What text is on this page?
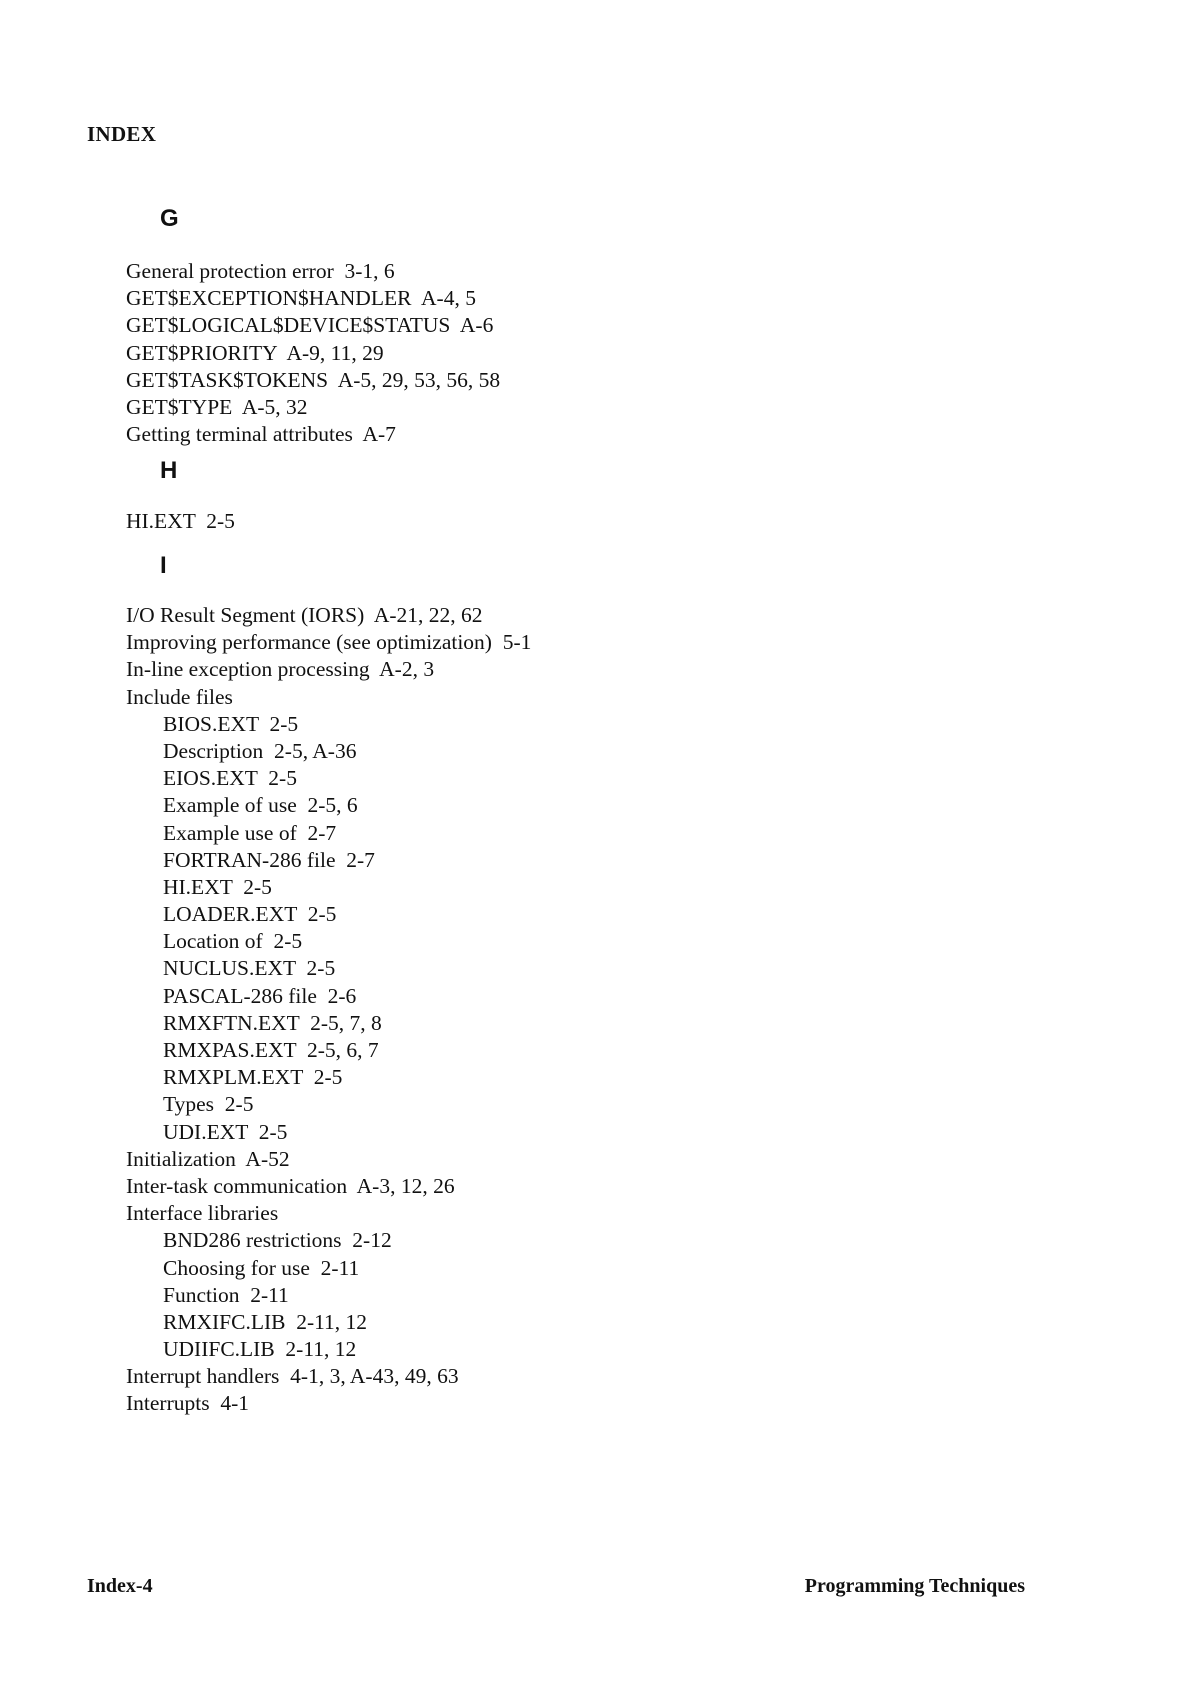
INDEX
G
General protection error  3-1, 6
GET$EXCEPTION$HANDLER  A-4, 5
GET$LOGICAL$DEVICE$STATUS  A-6
GET$PRIORITY  A-9, 11, 29
GET$TASK$TOKENS  A-5, 29, 53, 56, 58
GET$TYPE  A-5, 32
Getting terminal attributes  A-7
H
HI.EXT  2-5
I
I/O Result Segment (IORS)  A-21, 22, 62
Improving performance (see optimization)  5-1
In-line exception processing  A-2, 3
Include files
BIOS.EXT  2-5
Description  2-5, A-36
EIOS.EXT  2-5
Example of use  2-5, 6
Example use of  2-7
FORTRAN-286 file  2-7
HI.EXT  2-5
LOADER.EXT  2-5
Location of  2-5
NUCLUS.EXT  2-5
PASCAL-286 file  2-6
RMXFTN.EXT  2-5, 7, 8
RMXPAS.EXT  2-5, 6, 7
RMXPLM.EXT  2-5
Types  2-5
UDI.EXT  2-5
Initialization  A-52
Inter-task communication  A-3, 12, 26
Interface libraries
BND286 restrictions  2-12
Choosing for use  2-11
Function  2-11
RMXIFC.LIB  2-11, 12
UDIIFC.LIB  2-11, 12
Interrupt handlers  4-1, 3, A-43, 49, 63
Interrupts  4-1
Index-4	Programming Techniques
